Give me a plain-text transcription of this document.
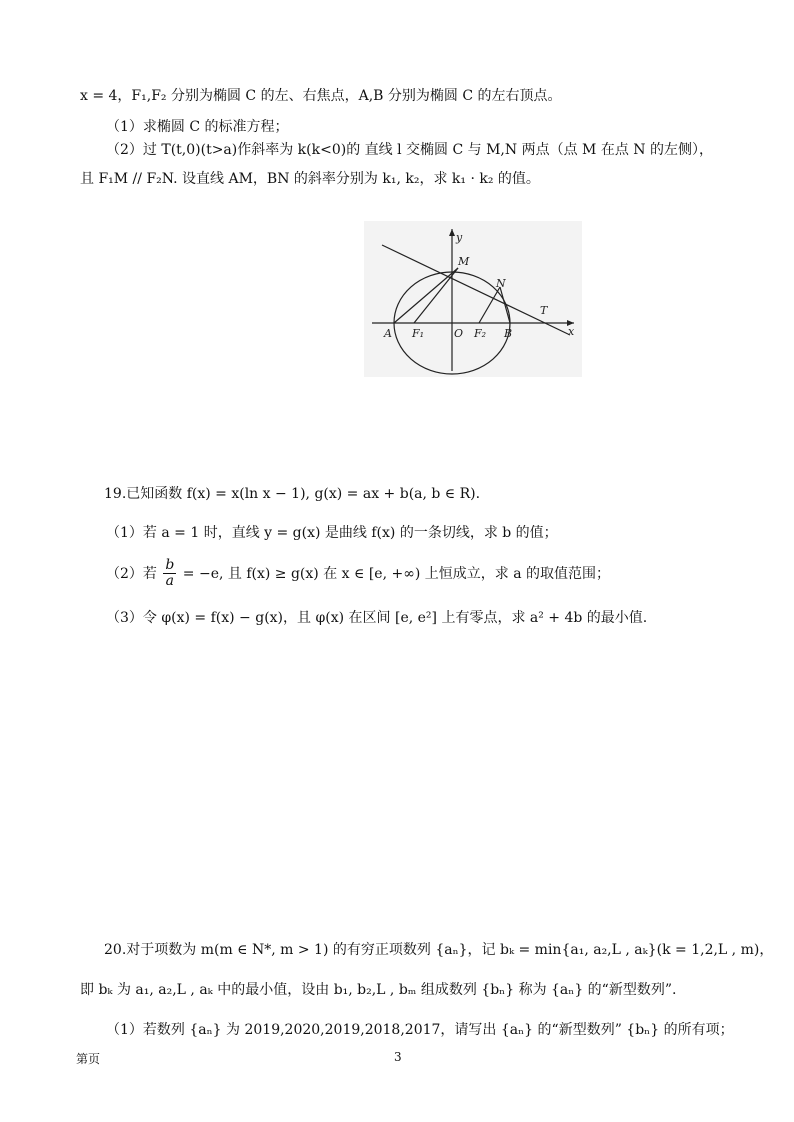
x = 4，F₁,F₂ 分别为椭圆 C 的左、右焦点，A,B 分别为椭圆 C 的左右顶点。
（1）求椭圆 C 的标准方程；
（2）过 T(t,0)(t>a)作斜率为 k(k<0)的 直线 l 交椭圆 C 与 M,N 两点（点 M 在点 N 的左侧），
且 F₁M // F₂N. 设直线 AM，BN 的斜率分别为 k₁, k₂，求 k₁ · k₂ 的值。
y
x
M
N
T
A F₁	O F₂ B
19.已知函数 f(x) = x(ln x − 1), g(x) = ax + b(a, b ∈ R).
（1）若 a = 1 时，直线 y = g(x) 是曲线 f(x) 的一条切线，求 b 的值；
（2）若 $\frac{b}{a} = -e$, 且 f(x) ≥ g(x) 在 x ∈ [e, +∞) 上恒成立，求 a 的取值范围；
（3）令 φ(x) = f(x) − g(x)，且 φ(x) 在区间 [e, e²] 上有零点，求 a² + 4b 的最小值.
20.对于项数为 m(m ∈ N*, m > 1) 的有穷正项数列 {aₙ}，记 bₖ = min{a₁, a₂,L , aₖ}(k = 1,2,L , m)，
即 bₖ 为 a₁, a₂,L , aₖ 中的最小值，设由 b₁, b₂,L , bₘ 组成数列 {bₙ} 称为 {aₙ} 的“新型数列”.
（1）若数列 {aₙ} 为 2019,2020,2019,2018,2017，请写出 {aₙ} 的“新型数列” {bₙ} 的所有项；
第页	3
